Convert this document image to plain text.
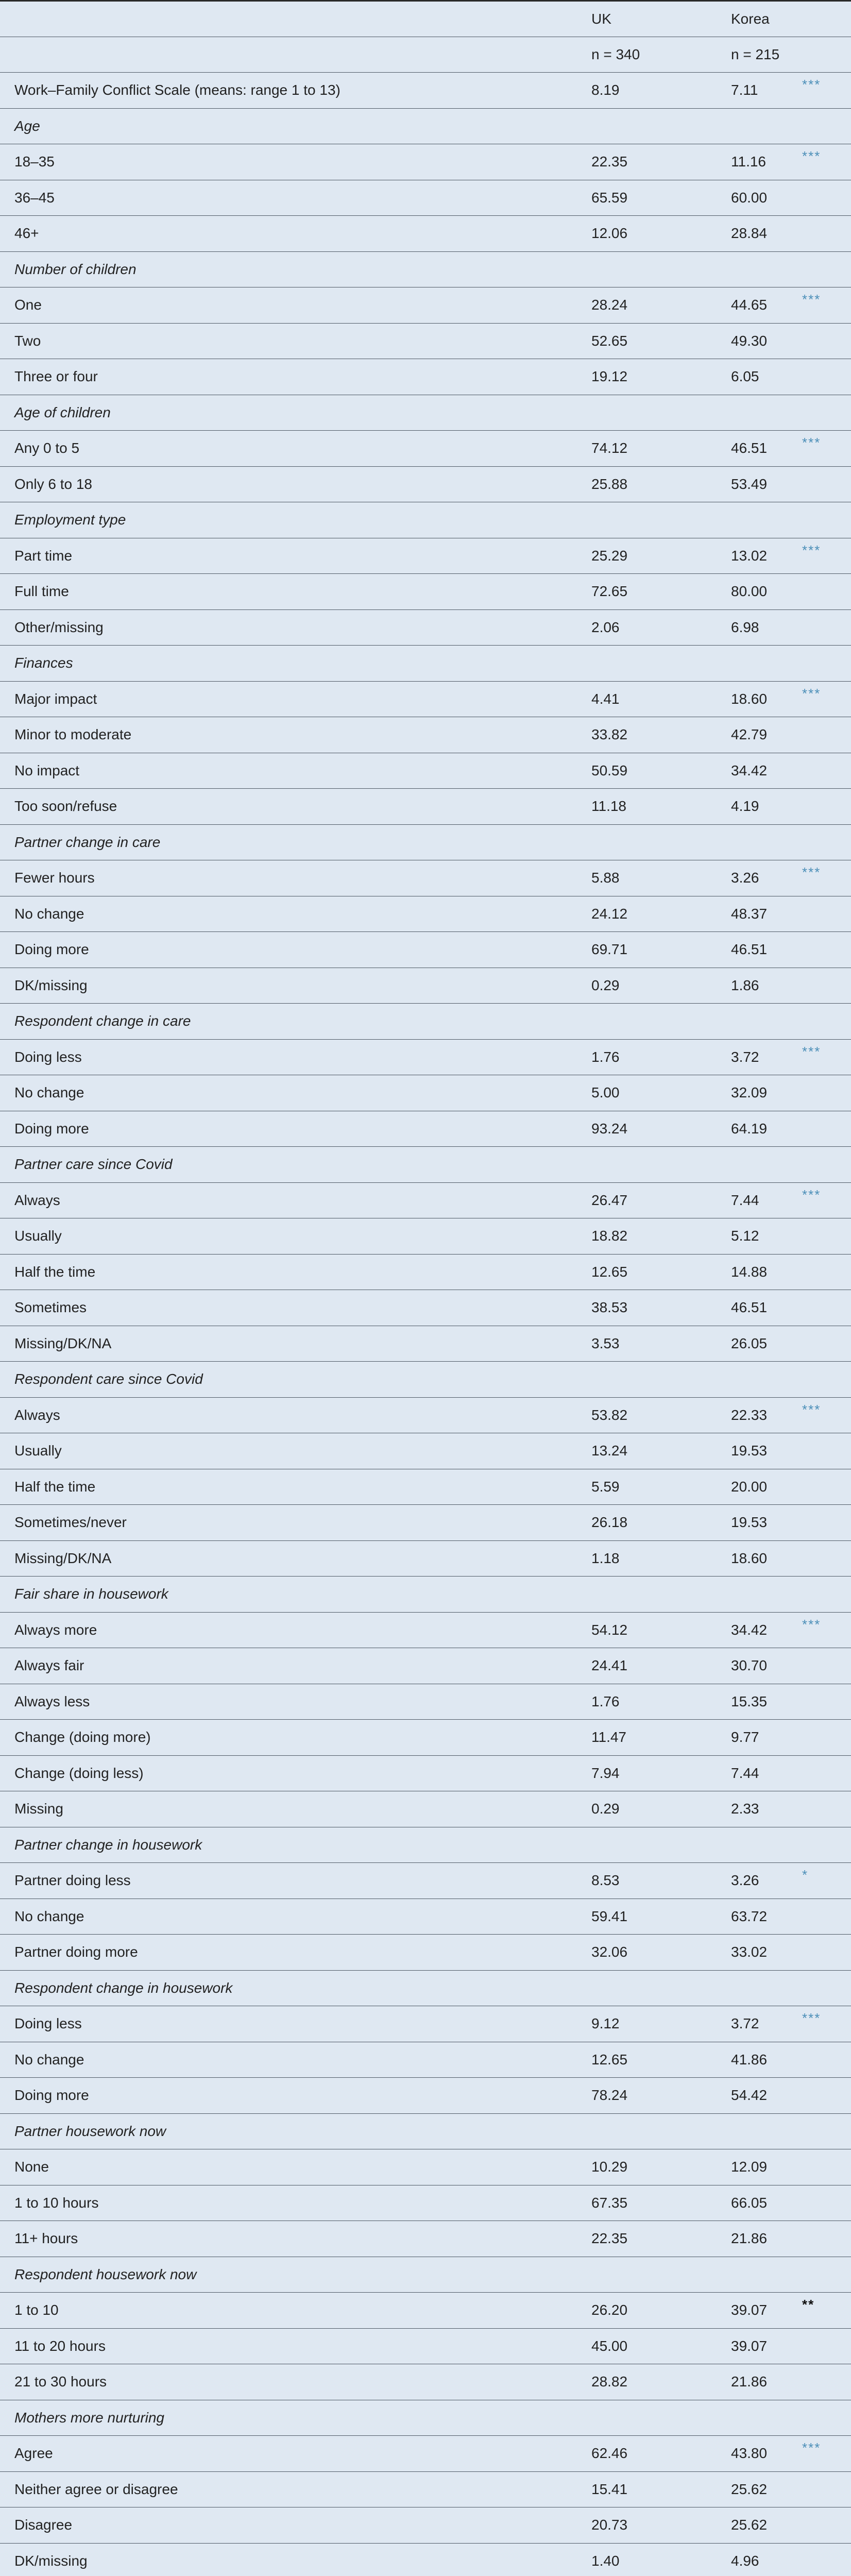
	UK	Korea	
	n = 340	n = 215	
Work–Family Conflict Scale (means: range 1 to 13)	8.19	7.11	***
Age			
18–35	22.35	11.16	***
36–45	65.59	60.00	
46+	12.06	28.84	
Number of children			
One	28.24	44.65	***
Two	52.65	49.30	
Three or four	19.12	6.05	
Age of children			
Any 0 to 5	74.12	46.51	***
Only 6 to 18	25.88	53.49	
Employment type			
Part time	25.29	13.02	***
Full time	72.65	80.00	
Other/missing	2.06	6.98	
Finances			
Major impact	4.41	18.60	***
Minor to moderate	33.82	42.79	
No impact	50.59	34.42	
Too soon/refuse	11.18	4.19	
Partner change in care			
Fewer hours	5.88	3.26	***
No change	24.12	48.37	
Doing more	69.71	46.51	
DK/missing	0.29	1.86	
Respondent change in care			
Doing less	1.76	3.72	***
No change	5.00	32.09	
Doing more	93.24	64.19	
Partner care since Covid			
Always	26.47	7.44	***
Usually	18.82	5.12	
Half the time	12.65	14.88	
Sometimes	38.53	46.51	
Missing/DK/NA	3.53	26.05	
Respondent care since Covid			
Always	53.82	22.33	***
Usually	13.24	19.53	
Half the time	5.59	20.00	
Sometimes/never	26.18	19.53	
Missing/DK/NA	1.18	18.60	
Fair share in housework			
Always more	54.12	34.42	***
Always fair	24.41	30.70	
Always less	1.76	15.35	
Change (doing more)	11.47	9.77	
Change (doing less)	7.94	7.44	
Missing	0.29	2.33	
Partner change in housework			
Partner doing less	8.53	3.26	*
No change	59.41	63.72	
Partner doing more	32.06	33.02	
Respondent change in housework			
Doing less	9.12	3.72	***
No change	12.65	41.86	
Doing more	78.24	54.42	
Partner housework now			
None	10.29	12.09	
1 to 10 hours	67.35	66.05	
11+ hours	22.35	21.86	
Respondent housework now			
1 to 10	26.20	39.07	**
11 to 20 hours	45.00	39.07	
21 to 30 hours	28.82	21.86	
Mothers more nurturing			
Agree	62.46	43.80	***
Neither agree or disagree	15.41	25.62	
Disagree	20.73	25.62	
DK/missing	1.40	4.96	
